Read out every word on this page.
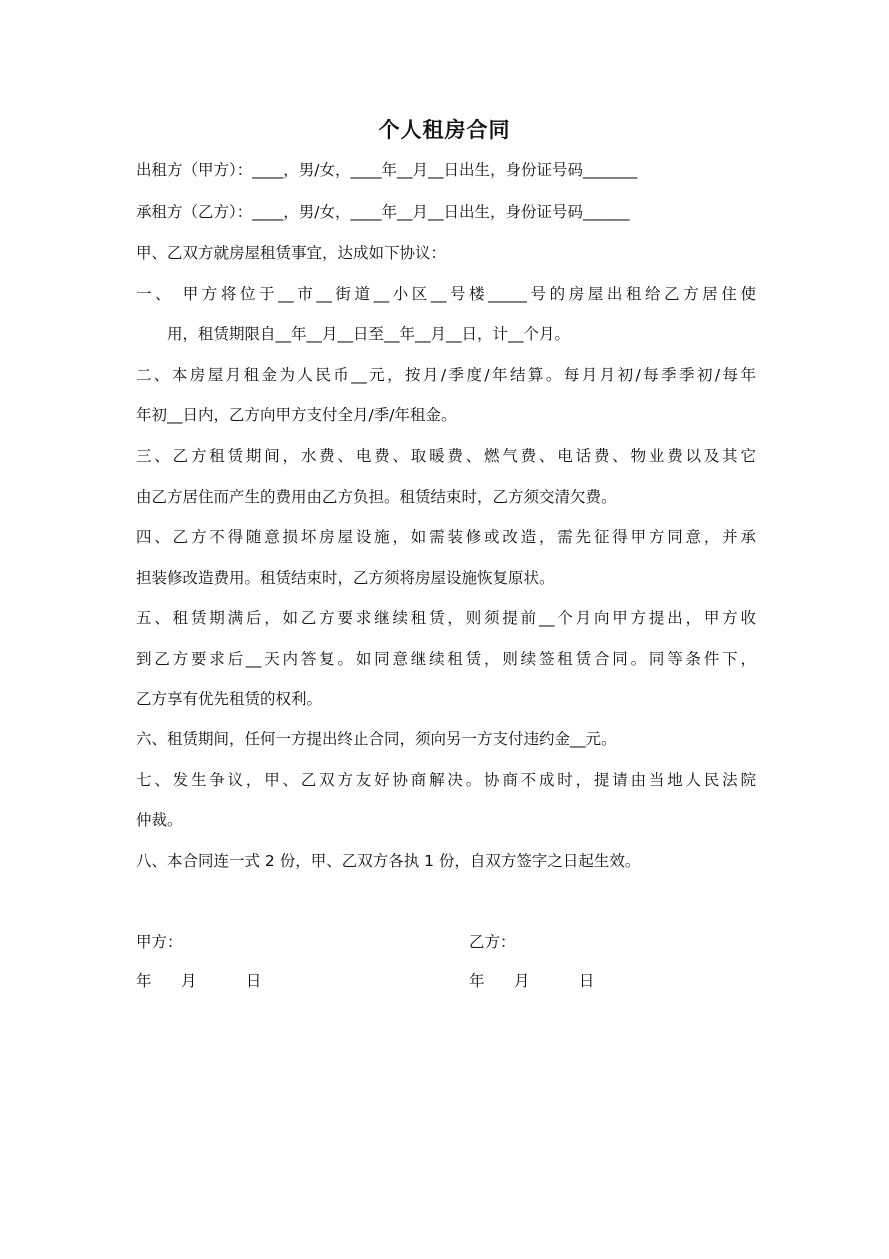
个人租房合同
出租方（甲方）：____，男/女，____年__月__日出生，身份证号码_______
承租方（乙方）：____，男/女，____年__月__日出生，身份证号码______
甲、乙双方就房屋租赁事宜，达成如下协议：
一、 甲方将位于__市__街道__小区__号楼_____号的房屋出租给乙方居住使
用，租赁期限自__年__月__日至__年__月__日，计__个月。
二、本房屋月租金为人民币__元，按月/季度/年结算。每月月初/每季季初/每年
年初__日内，乙方向甲方支付全月/季/年租金。
三、乙方租赁期间，水费、电费、取暖费、燃气费、电话费、物业费以及其它
由乙方居住而产生的费用由乙方负担。租赁结束时，乙方须交清欠费。
四、乙方不得随意损坏房屋设施，如需装修或改造，需先征得甲方同意，并承
担装修改造费用。租赁结束时，乙方须将房屋设施恢复原状。
五、租赁期满后，如乙方要求继续租赁，则须提前__个月向甲方提出，甲方收
到乙方要求后__天内答复。如同意继续租赁，则续签租赁合同。同等条件下，
乙方享有优先租赁的权利。
六、租赁期间，任何一方提出终止合同，须向另一方支付违约金__元。
七、发生争议，甲、乙双方友好协商解决。协商不成时，提请由当地人民法院
仲裁。
八、本合同连一式 2 份，甲、乙双方各执 1 份，自双方签字之日起生效。
甲方：	乙方：
年      月          日	年      月          日
